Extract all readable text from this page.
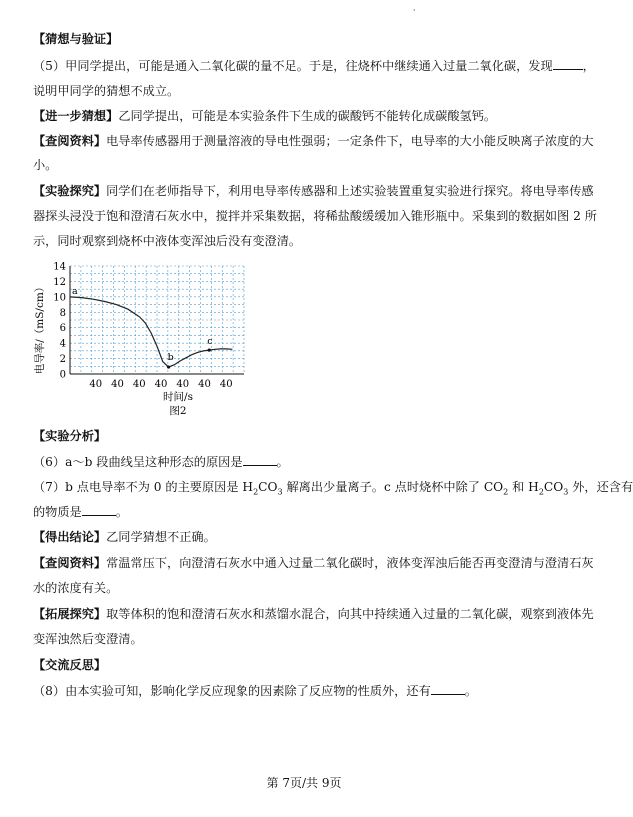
·
【猜想与验证】
（5）甲同学提出，可能是通入二氧化碳的量不足。于是，往烧杯中继续通入过量二氧化碳，发现 ，
说明甲同学的猜想不成立。
【进一步猜想】乙同学提出，可能是本实验条件下生成的碳酸钙不能转化成碳酸氢钙。
【查阅资料】电导率传感器用于测量溶液的导电性强弱；一定条件下，电导率的大小能反映离子浓度的大
小。
【实验探究】同学们在老师指导下，利用电导率传感器和上述实验装置重复实验进行探究。将电导率传感
器探头浸没于饱和澄清石灰水中，搅拌并采集数据，将稀盐酸缓缓加入锥形瓶中。采集到的数据如图 2 所
示，同时观察到烧杯中液体变浑浊后没有变澄清。
0
2
4
6
8
10
12
14
40 40 40 40 40 40 40
a
b
c
电导率/（mS/cm）
时间/s
图2
【实验分析】
（6）a～b 段曲线呈这种形态的原因是	。
（7）b 点电导率不为 0 的主要原因是 $H_2CO_3$ 解离出少量离子。c 点时烧杯中除了 $CO_2$ 和 $H_2CO_3$ 外，还含有
的物质是	。
【得出结论】乙同学猜想不正确。
【查阅资料】常温常压下，向澄清石灰水中通入过量二氧化碳时，液体变浑浊后能否再变澄清与澄清石灰
水的浓度有关。
【拓展探究】取等体积的饱和澄清石灰水和蒸馏水混合，向其中持续通入过量的二氧化碳，观察到液体先
变浑浊然后变澄清。
【交流反思】
（8）由本实验可知，影响化学反应现象的因素除了反应物的性质外，还有	。
第 7页/共 9页
